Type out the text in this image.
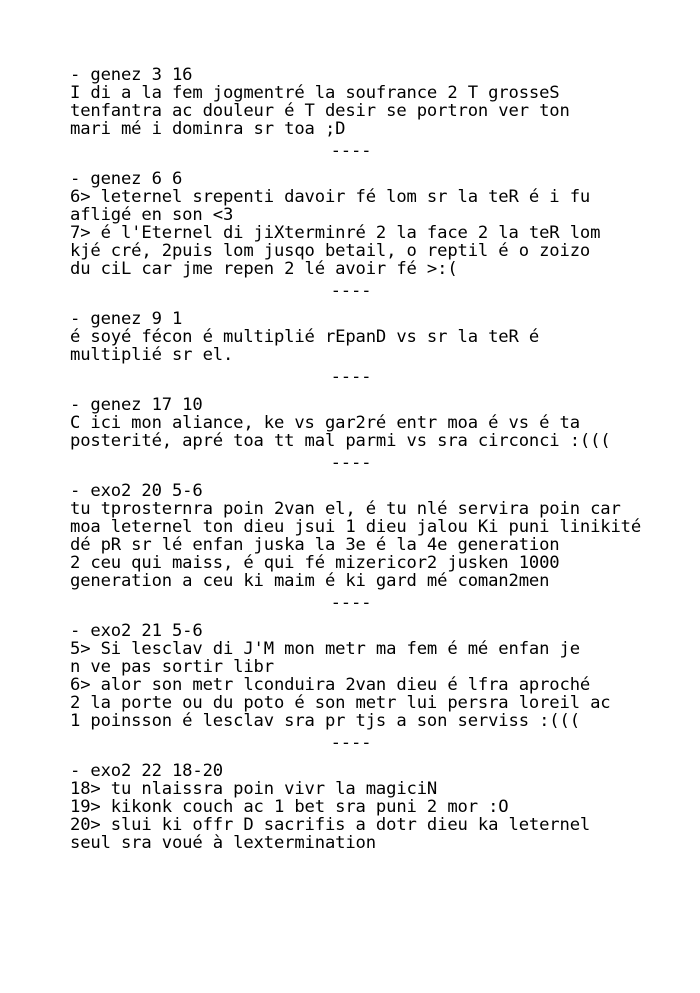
- genez 3 16
I di a la fem jogmentré la soufrance 2 T grosseS
tenfantra ac douleur é T desir se portron ver ton
mari mé i dominra sr toa ;D
----
- genez 6 6
6> leternel srepenti davoir fé lom sr la teR é i fu
afligé en son <3
7> é l'Eternel di jiXterminré 2 la face 2 la teR lom
kjé cré, 2puis lom jusqo betail, o reptil é o zoizo
du ciL car jme repen 2 lé avoir fé >:(
----
- genez 9 1
é soyé fécon é multiplié rEpanD vs sr la teR é
multiplié sr el.
----
- genez 17 10
C ici mon aliance, ke vs gar2ré entr moa é vs é ta
posterité, apré toa tt mal parmi vs sra circonci :(((
----
- exo2 20 5-6
tu tprosternra poin 2van el, é tu nlé servira poin car
moa leternel ton dieu jsui 1 dieu jalou Ki puni linikité
dé pR sr lé enfan juska la 3e é la 4e generation
2 ceu qui maiss, é qui fé mizericor2 jusken 1000
generation a ceu ki maim é ki gard mé coman2men
----
- exo2 21 5-6
5> Si lesclav di J'M mon metr ma fem é mé enfan je
n ve pas sortir libr
6> alor son metr lconduira 2van dieu é lfra aproché
2 la porte ou du poto é son metr lui persra loreil ac
1 poinsson é lesclav sra pr tjs a son serviss :(((
----
- exo2 22 18-20
18> tu nlaissra poin vivr la magiciN
19> kikonk couch ac 1 bet sra puni 2 mor :O
20> slui ki offr D sacrifis a dotr dieu ka leternel
seul sra voué à lextermination
